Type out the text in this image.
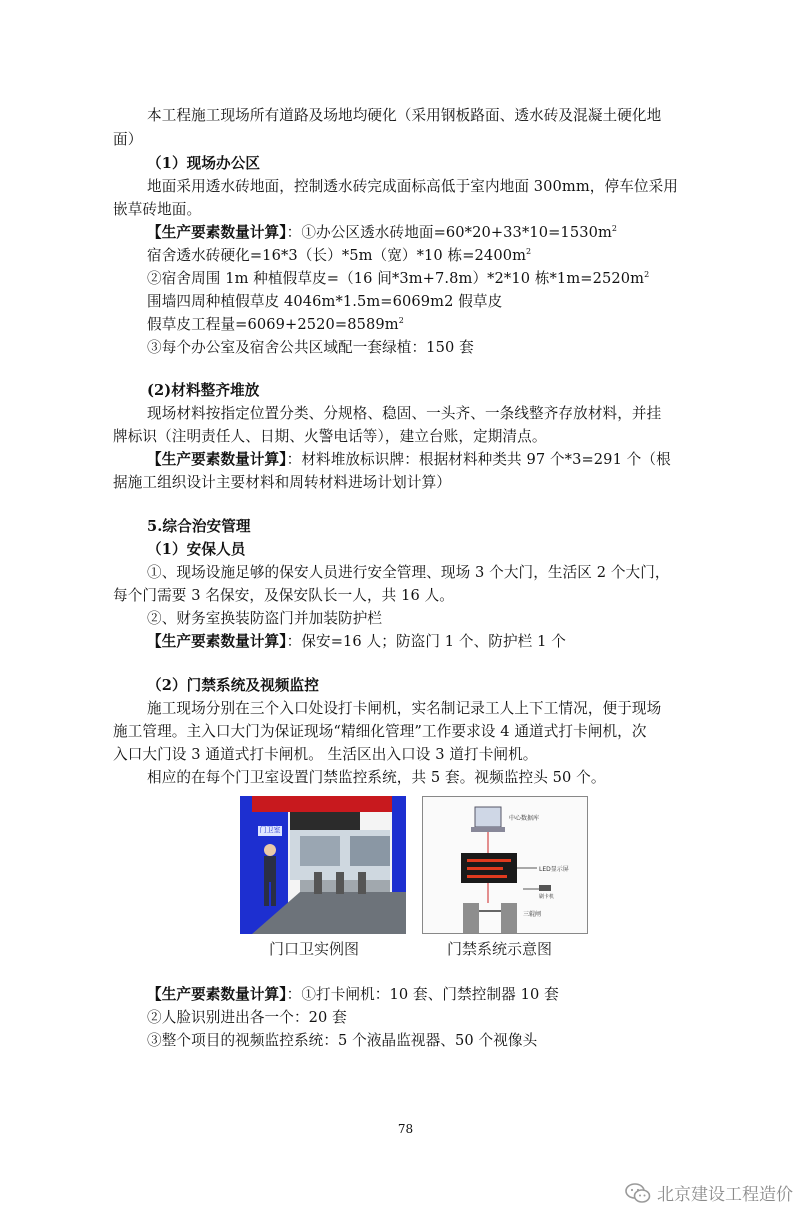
本工程施工现场所有道路及场地均硬化（采用钢板路面、透水砖及混凝土硬化地
面）
（1）现场办公区
地面采用透水砖地面，控制透水砖完成面标高低于室内地面 300mm，停车位采用
嵌草砖地面。
【生产要素数量计算】：①办公区透水砖地面$=60*20+33*10=1530m^2$
宿舍透水砖硬化=16*3（长）*5m（宽）*10 栋$=2400m^2$
②宿舍周围 1m 种植假草皮=（16 间*3m+7.8m）*2*10 栋$*1m=2520m^2$
围墙四周种植假草皮 4046m*1.5m=6069m2 假草皮
假草皮工程量$=6069+2520=8589m^2$
③每个办公室及宿舍公共区域配一套绿植：150 套
(2)材料整齐堆放
现场材料按指定位置分类、分规格、稳固、一头齐、一条线整齐存放材料，并挂
牌标识（注明责任人、日期、火警电话等），建立台账，定期清点。
【生产要素数量计算】：材料堆放标识牌：根据材料种类共 97 个*3=291 个（根
据施工组织设计主要材料和周转材料进场计划计算）
5.综合治安管理
（1）安保人员
①、现场设施足够的保安人员进行安全管理、现场 3 个大门，生活区 2 个大门，
每个门需要 3 名保安，及保安队长一人，共 16 人。
②、财务室换装防盗门并加装防护栏
【生产要素数量计算】：保安=16 人；防盗门 1 个、防护栏 1 个
（2）门禁系统及视频监控
施工现场分别在三个入口处设打卡闸机，实名制记录工人上下工情况，便于现场
施工管理。主入口大门为保证现场“精细化管理”工作要求设 4 通道式打卡闸机，次
入口大门设 3 通道式打卡闸机。 生活区出入口设 3 道打卡闸机。
相应的在每个门卫室设置门禁监控系统，共 5 套。视频监控头 50 个。
门卫室
中心数据库
LED显示屏
刷卡机
三辊闸
门口卫实例图	门禁系统示意图
【生产要素数量计算】：①打卡闸机：10 套、门禁控制器 10 套
②人脸识别进出各一个：20 套
③整个项目的视频监控系统：5 个液晶监视器、50 个视像头
78
北京建设工程造价
